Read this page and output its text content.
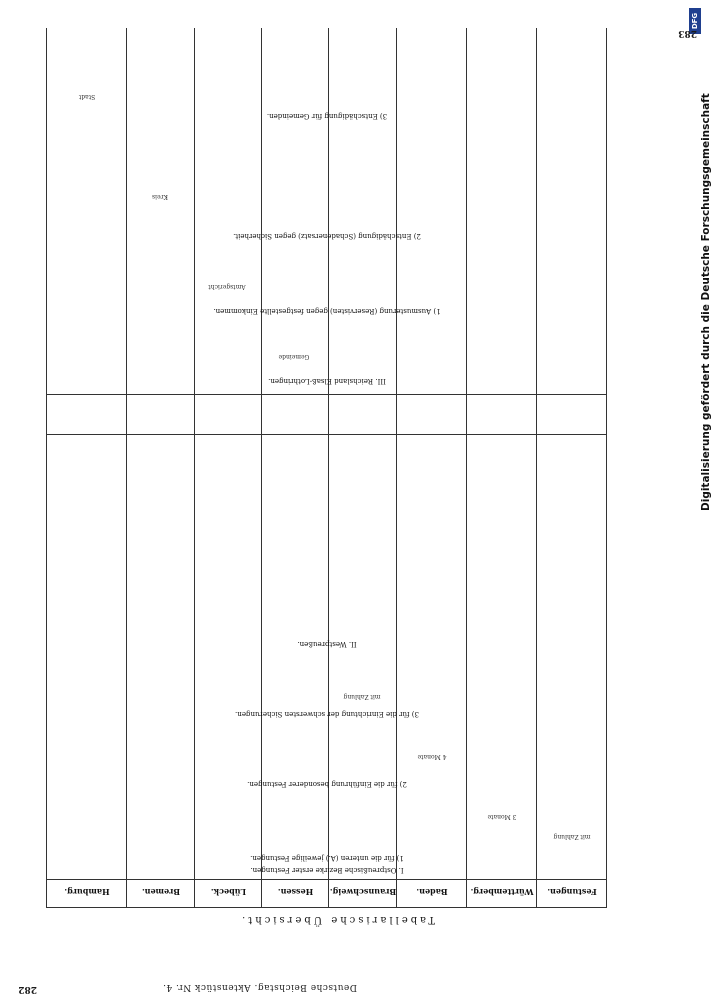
DFG
Digitalisierung gefördert durch die Deutsche Forschungsgemeinschaft
282	Deutsche Beichstag. Aktenstück Nr. 4.
283
Tabellarische Übersicht.
Festungen.
Württemberg.
Baden.
Braunschweig.
Hessen.
Lübeck.
Bremen.
Hamburg.
I. Ostpreußische Bezirke erster Festungen.
1) für die unteren (A.) jeweilige Festungen.
2) für die Einführung besonderer Festungen.
3) für die Einrichtung der schwersten Sicherungen.
II. Westpreußen.
III. Reichsland Elsaß-Lothringen.
1) Ausmusterung (Reservisten) gegen festgestellte Einkommen.
2) Entschädigung (Schadenersatz) gegen Sicherheit.
3) Entschädigung für Gemeinden.
mit Zahlung
3 Monate
4 Monate
mit Zahlung
Gemeinde
Amtsgericht
Kreis
Stadt
